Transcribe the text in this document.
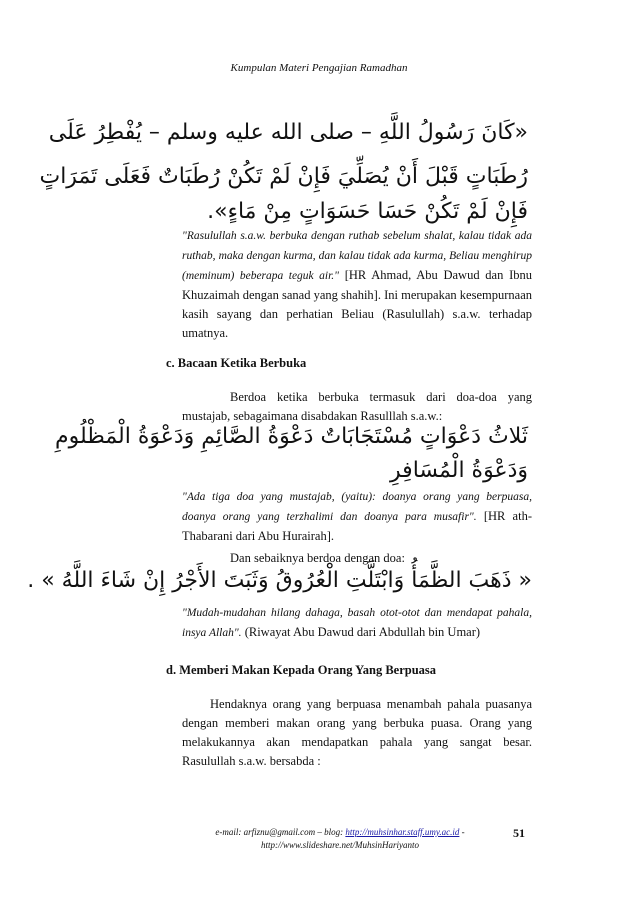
Kumpulan Materi Pengajian Ramadhan
«كَانَ رَسُولُ اللَّهِ – صلى الله عليه وسلم – يُفْطِرُ عَلَى
رُطَبَاتٍ قَبْلَ أَنْ يُصَلِّيَ فَإِنْ لَمْ تَكُنْ رُطَبَاتٌ فَعَلَى تَمَرَاتٍ
فَإِنْ لَمْ تَكُنْ حَسَا حَسَوَاتٍ مِنْ مَاءٍ».
"Rasulullah s.a.w. berbuka dengan ruthab sebelum shalat, kalau tidak ada ruthab, maka dengan kurma, dan kalau tidak ada kurma, Beliau menghirup (meminum) beberapa teguk air." [HR Ahmad, Abu Dawud dan Ibnu Khuzaimah dengan sanad yang shahih]. Ini merupakan kesempurnaan kasih sayang dan perhatian Beliau (Rasulullah) s.a.w. terhadap umatnya.
c. Bacaan Ketika Berbuka
Berdoa ketika berbuka termasuk dari doa-doa yang mustajab, sebagaimana disabdakan Rasulllah s.a.w.:
ثَلاثُ دَعْوَاتٍ مُسْتَجَابَاتٌ دَعْوَةُ الصَّائِمِ وَدَعْوَةُ الْمَظْلُومِ
وَدَعْوَةُ الْمُسَافِرِ
"Ada tiga doa yang mustajab, (yaitu): doanya orang yang berpuasa, doanya orang yang terzhalimi dan doanya para musafir". [HR ath-Thabarani dari Abu Hurairah].
Dan sebaiknya berdoa dengan doa:
« ذَهَبَ الظَّمَأُ وَابْتَلَّتِ الْعُرُوقُ وَثَبَتَ الأَجْرُ إِنْ شَاءَ اللَّهُ » .
"Mudah-mudahan hilang dahaga, basah otot-otot dan mendapat pahala, insya Allah". (Riwayat Abu Dawud dari Abdullah bin Umar)
d. Memberi Makan Kepada Orang Yang Berpuasa
Hendaknya orang yang berpuasa menambah pahala puasanya dengan memberi makan orang yang berbuka puasa. Orang yang melakukannya akan mendapatkan pahala yang sangat besar. Rasulullah s.a.w. bersabda :
e-mail: arfiznu@gmail.com – blog: http://muhsinhar.staff.umy.ac.id -
http://www.slideshare.net/MuhsinHariyanto
51
